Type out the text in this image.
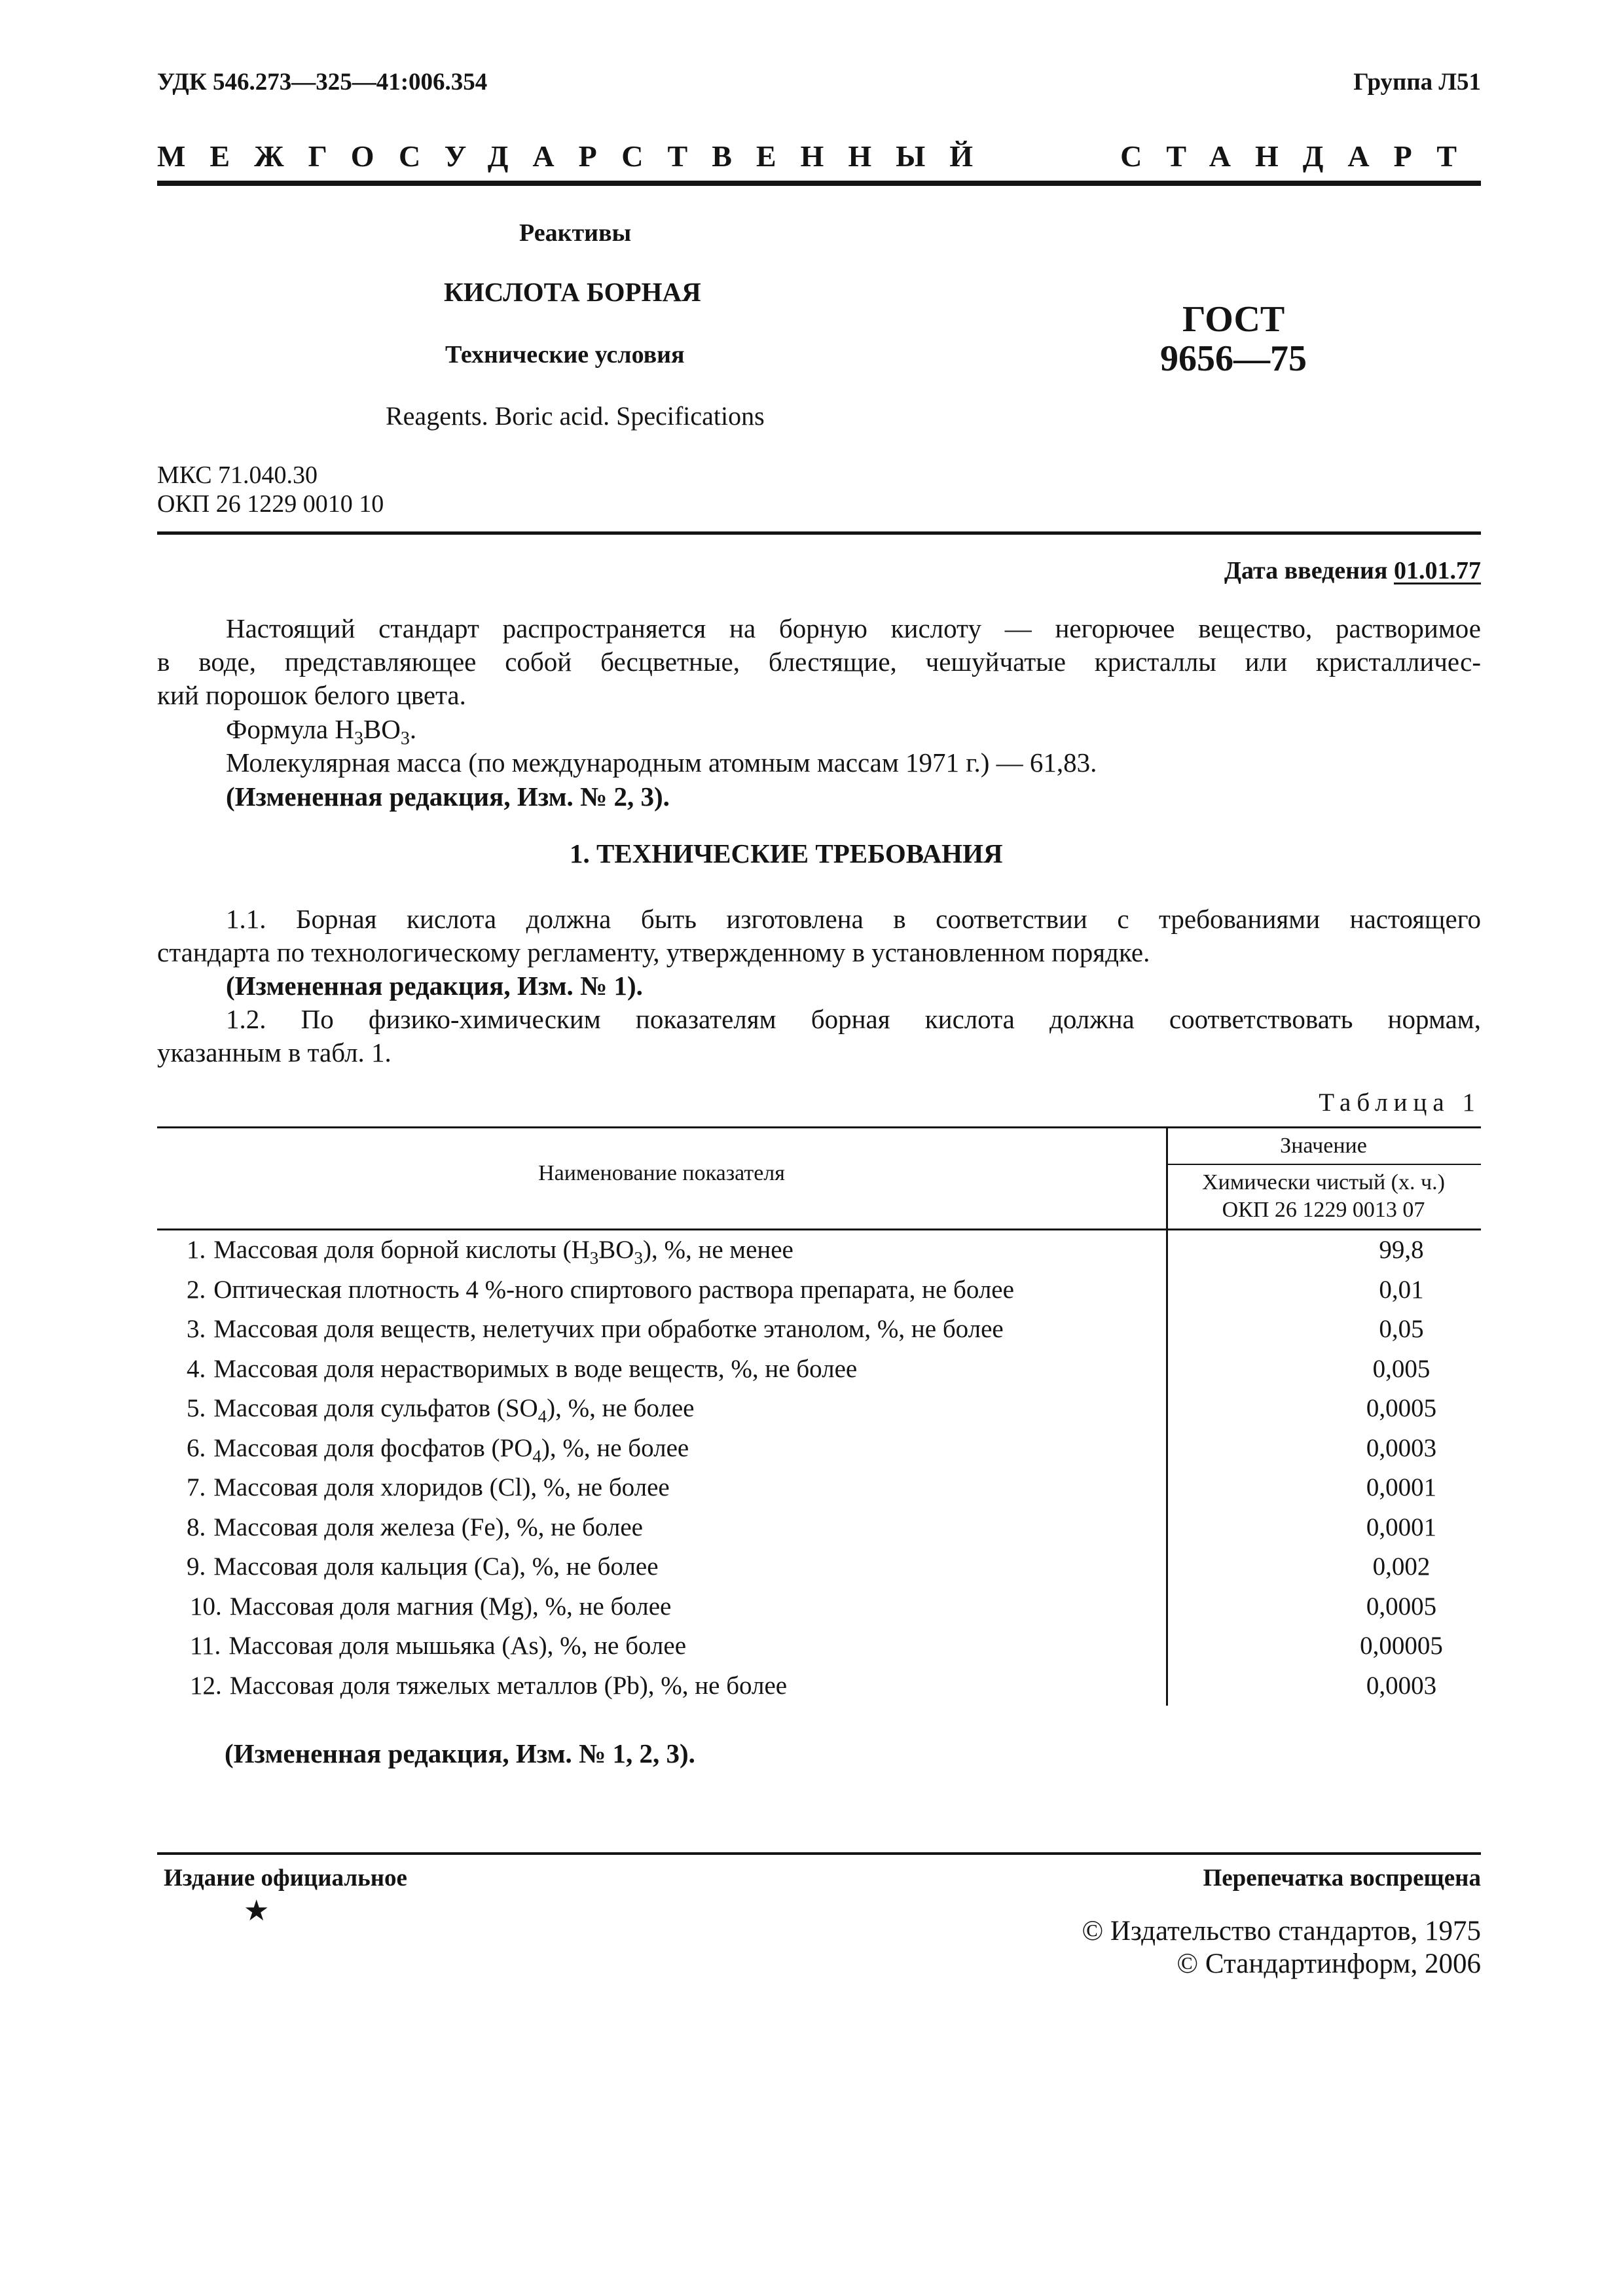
УДК 546.273—325—41:006.354	Группа Л51
МЕЖГОСУДАРСТВЕННЫЙ СТАНДАРТ
Реактивы
КИСЛОТА БОРНАЯ
Технические условия
Reagents. Boric acid. Specifications
ГОСТ
9656—75
МКС 71.040.30
ОКП 26 1229 0010 10
Дата введения 01.01.77
Настоящий стандарт распространяется на борную кислоту — негорючее вещество, растворимое
в воде, представляющее собой бесцветные, блестящие, чешуйчатые кристаллы или кристалличес-
кий порошок белого цвета.
Формула $H_3BO_3$.
Молекулярная масса (по международным атомным массам 1971 г.) — 61,83.
(Измененная редакция, Изм. № 2, 3).
1. ТЕХНИЧЕСКИЕ ТРЕБОВАНИЯ
1.1. Борная кислота должна быть изготовлена в соответствии с требованиями настоящего
стандарта по технологическому регламенту, утвержденному в установленном порядке.
(Измененная редакция, Изм. № 1).
1.2. По физико-химическим показателям борная кислота должна соответствовать нормам,
указанным в табл. 1.
Таблица 1
Наименование показателя
Значение
Химически чистый (х. ч.)
ОКП 26 1229 0013 07
1. Массовая доля борной кислоты $(H_3BO_3)$, %, не менее	99,8
2. Оптическая плотность 4 %-ного спиртового раствора препарата, не более	0,01
3. Массовая доля веществ, нелетучих при обработке этанолом, %, не более	0,05
4. Массовая доля нерастворимых в воде веществ, %, не более	0,005
5. Массовая доля сульфатов $(SO_4)$, %, не более	0,0005
6. Массовая доля фосфатов $(PO_4)$, %, не более	0,0003
7. Массовая доля хлоридов (Cl), %, не более	0,0001
8. Массовая доля железа (Fe), %, не более	0,0001
9. Массовая доля кальция (Ca), %, не более	0,002
10. Массовая доля магния (Mg), %, не более	0,0005
11. Массовая доля мышьяка (As), %, не более	0,00005
12. Массовая доля тяжелых металлов (Pb), %, не более	0,0003
(Измененная редакция, Изм. № 1, 2, 3).
Издание официальное
★
Перепечатка воспрещена
© Издательство стандартов, 1975
© Стандартинформ, 2006
